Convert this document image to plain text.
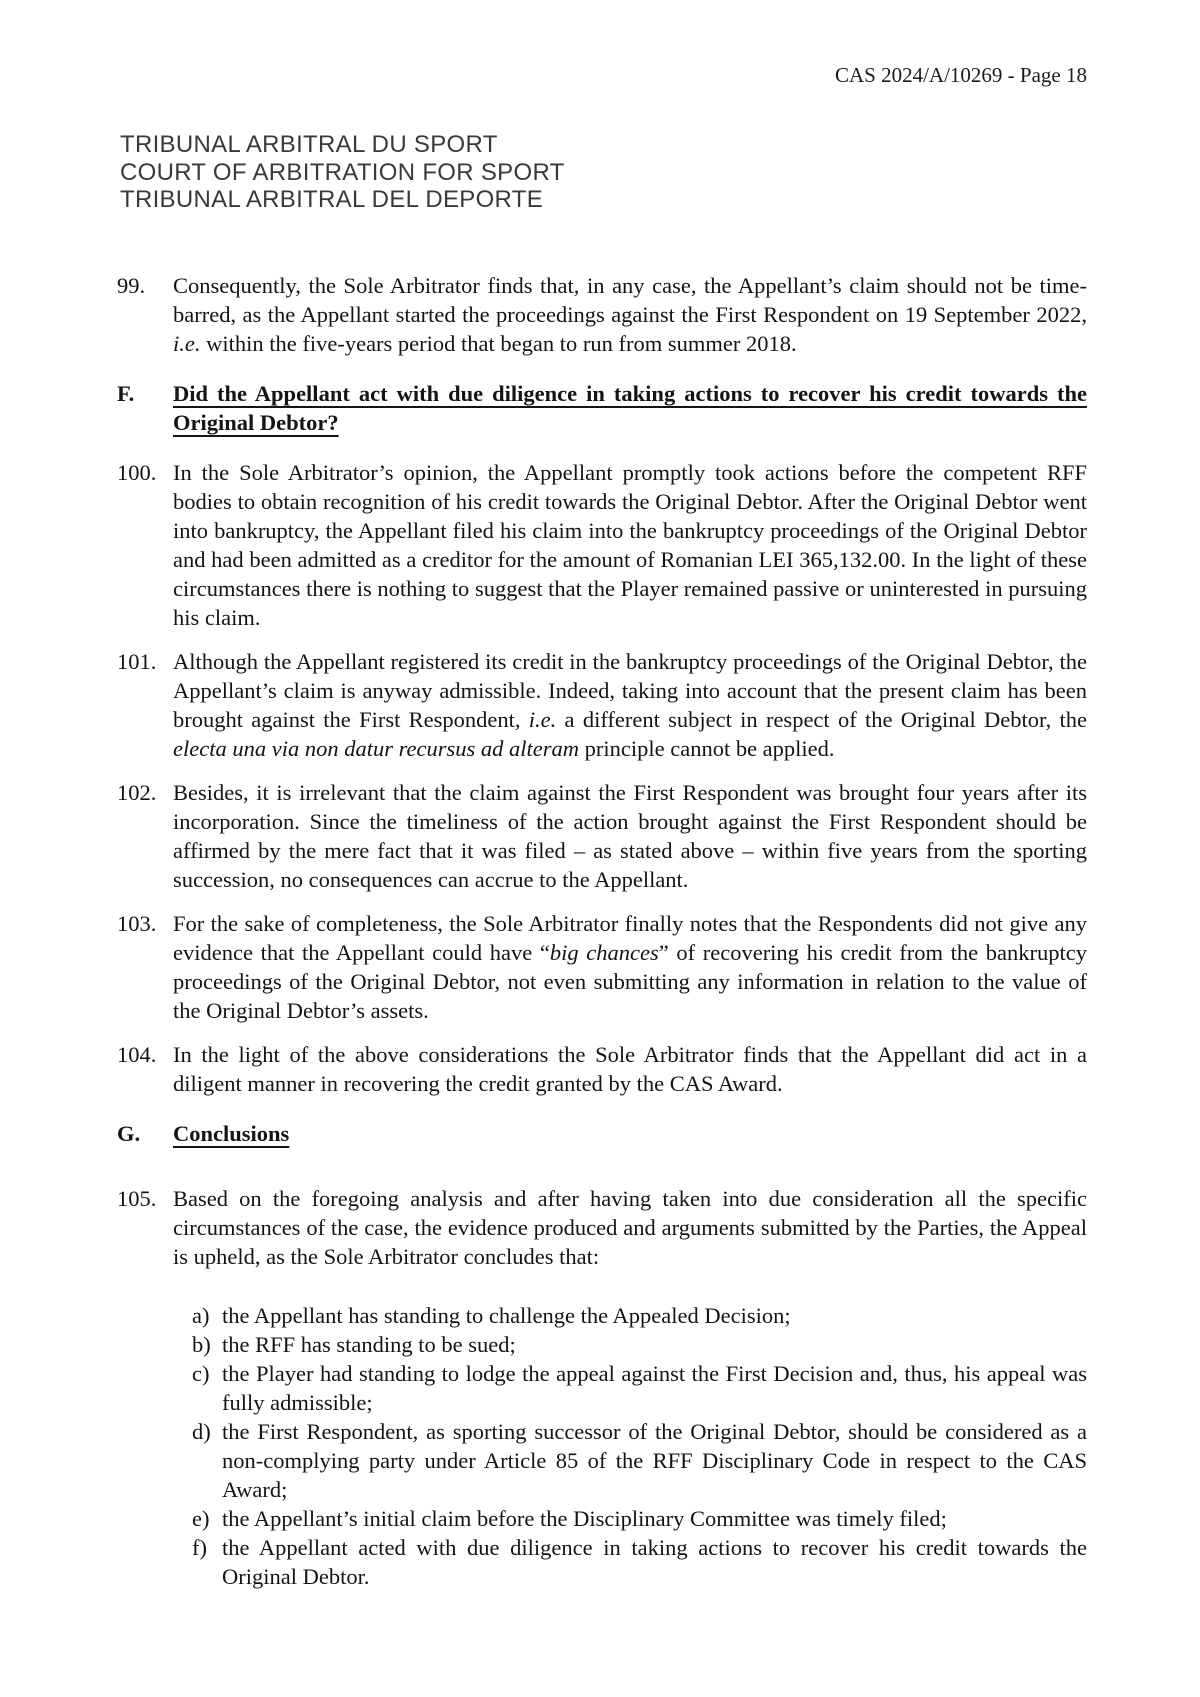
CAS 2024/A/10269 - Page 18
TRIBUNAL ARBITRAL DU SPORT
COURT OF ARBITRATION FOR SPORT
TRIBUNAL ARBITRAL DEL DEPORTE
99. Consequently, the Sole Arbitrator finds that, in any case, the Appellant’s claim should not be time-barred, as the Appellant started the proceedings against the First Respondent on 19 September 2022, i.e. within the five-years period that began to run from summer 2018.
F. Did the Appellant act with due diligence in taking actions to recover his credit towards the Original Debtor?
100. In the Sole Arbitrator’s opinion, the Appellant promptly took actions before the competent RFF bodies to obtain recognition of his credit towards the Original Debtor. After the Original Debtor went into bankruptcy, the Appellant filed his claim into the bankruptcy proceedings of the Original Debtor and had been admitted as a creditor for the amount of Romanian LEI 365,132.00. In the light of these circumstances there is nothing to suggest that the Player remained passive or uninterested in pursuing his claim.
101. Although the Appellant registered its credit in the bankruptcy proceedings of the Original Debtor, the Appellant’s claim is anyway admissible. Indeed, taking into account that the present claim has been brought against the First Respondent, i.e. a different subject in respect of the Original Debtor, the electa una via non datur recursus ad alteram principle cannot be applied.
102. Besides, it is irrelevant that the claim against the First Respondent was brought four years after its incorporation. Since the timeliness of the action brought against the First Respondent should be affirmed by the mere fact that it was filed – as stated above – within five years from the sporting succession, no consequences can accrue to the Appellant.
103. For the sake of completeness, the Sole Arbitrator finally notes that the Respondents did not give any evidence that the Appellant could have “big chances” of recovering his credit from the bankruptcy proceedings of the Original Debtor, not even submitting any information in relation to the value of the Original Debtor’s assets.
104. In the light of the above considerations the Sole Arbitrator finds that the Appellant did act in a diligent manner in recovering the credit granted by the CAS Award.
G. Conclusions
105. Based on the foregoing analysis and after having taken into due consideration all the specific circumstances of the case, the evidence produced and arguments submitted by the Parties, the Appeal is upheld, as the Sole Arbitrator concludes that:
a) the Appellant has standing to challenge the Appealed Decision;
b) the RFF has standing to be sued;
c) the Player had standing to lodge the appeal against the First Decision and, thus, his appeal was fully admissible;
d) the First Respondent, as sporting successor of the Original Debtor, should be considered as a non-complying party under Article 85 of the RFF Disciplinary Code in respect to the CAS Award;
e) the Appellant’s initial claim before the Disciplinary Committee was timely filed;
f) the Appellant acted with due diligence in taking actions to recover his credit towards the Original Debtor.
